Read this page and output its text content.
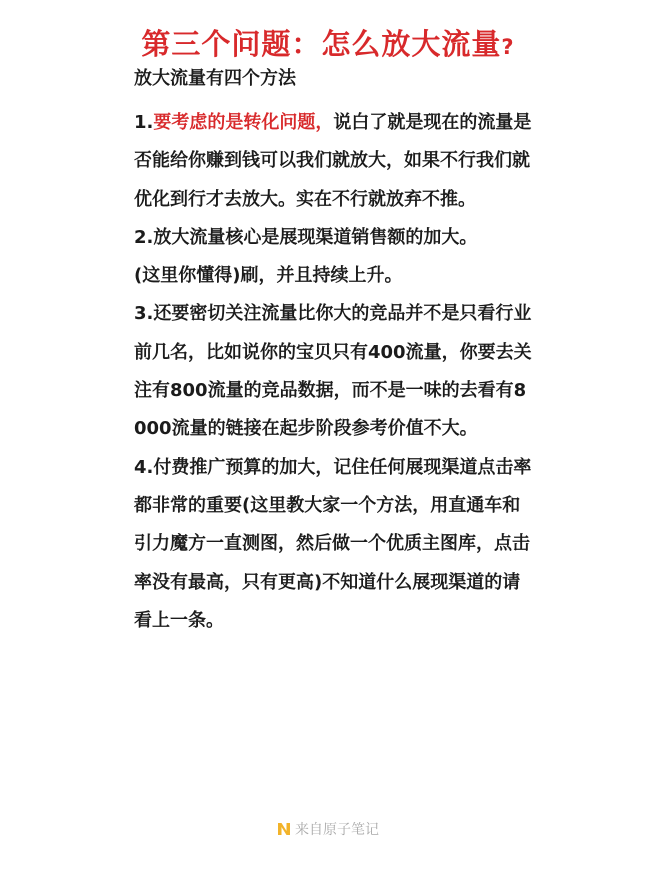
第三个问题：怎么放大流量?

放大流量有四个方法

1.要考虑的是转化问题，说白了就是现在的流量是否能给你赚到钱可以我们就放大，如果不行我们就优化到行才去放大。实在不行就放弃不推。

2.放大流量核心是展现渠道销售额的加大。

(这里你懂得)刷，并且持续上升。

3.还要密切关注流量比你大的竞品并不是只看行业前几名，比如说你的宝贝只有400流量，你要去关注有800流量的竞品数据，而不是一味的去看有8000流量的链接在起步阶段参考价值不大。

4.付费推广预算的加大，记住任何展现渠道点击率都非常的重要(这里教大家一个方法，用直通车和引力魔方一直测图，然后做一个优质主图库，点击率没有最高，只有更高)不知道什么展现渠道的请看上一条。

来自原子笔记
